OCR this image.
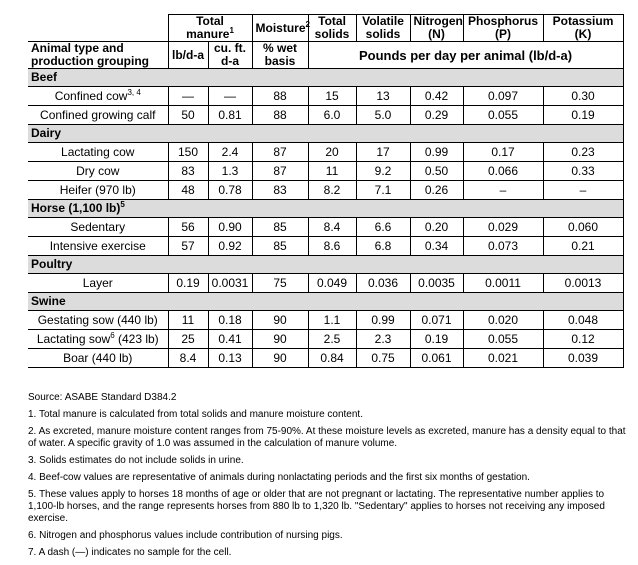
	Total manure$^1$		Moisture$^2$	Total solids	Volatile solids	Nitrogen (N)	Phosphorus (P)	Potassium (K)
Animal type and production grouping	lb/d-a	cu. ft. d-a	% wet basis	Pounds per day per animal (lb/d-a)				
Beef								
Confined cow$^{3, 4}$	—	—	88	15	13	0.42	0.097	0.30
Confined growing calf	50	0.81	88	6.0	5.0	0.29	0.055	0.19
Dairy								
Lactating cow	150	2.4	87	20	17	0.99	0.17	0.23
Dry cow	83	1.3	87	11	9.2	0.50	0.066	0.33
Heifer (970 lb)	48	0.78	83	8.2	7.1	0.26	–	–
Horse (1,100 lb)$^5$
Sedentary	56	0.90	85	8.4	6.6	0.20	0.029	0.060
Intensive exercise	57	0.92	85	8.6	6.8	0.34	0.073	0.21
Poultry								
Layer	0.19	0.0031	75	0.049	0.036	0.0035	0.0011	0.0013
Swine								
Gestating sow (440 lb)	11	0.18	90	1.1	0.99	0.071	0.020	0.048
Lactating sow$^6$ (423 lb)	25	0.41	90	2.5	2.3	0.19	0.055	0.12
Boar (440 lb)	8.4	0.13	90	0.84	0.75	0.061	0.021	0.039

Source: ASABE Standard D384.2

1. Total manure is calculated from total solids and manure moisture content.

2. As excreted, manure moisture content ranges from 75-90%. At these moisture levels as excreted, manure has a density equal to that of water. A specific gravity of 1.0 was assumed in the calculation of manure volume.

3. Solids estimates do not include solids in urine.

4. Beef-cow values are representative of animals during nonlactating periods and the first six months of gestation.

5. These values apply to horses 18 months of age or older that are not pregnant or lactating. The representative number applies to 1,100-lb horses, and the range represents horses from 880 lb to 1,320 lb. "Sedentary" applies to horses not receiving any imposed exercise.

6. Nitrogen and phosphorus values include contribution of nursing pigs.

7. A dash (—) indicates no sample for the cell.
